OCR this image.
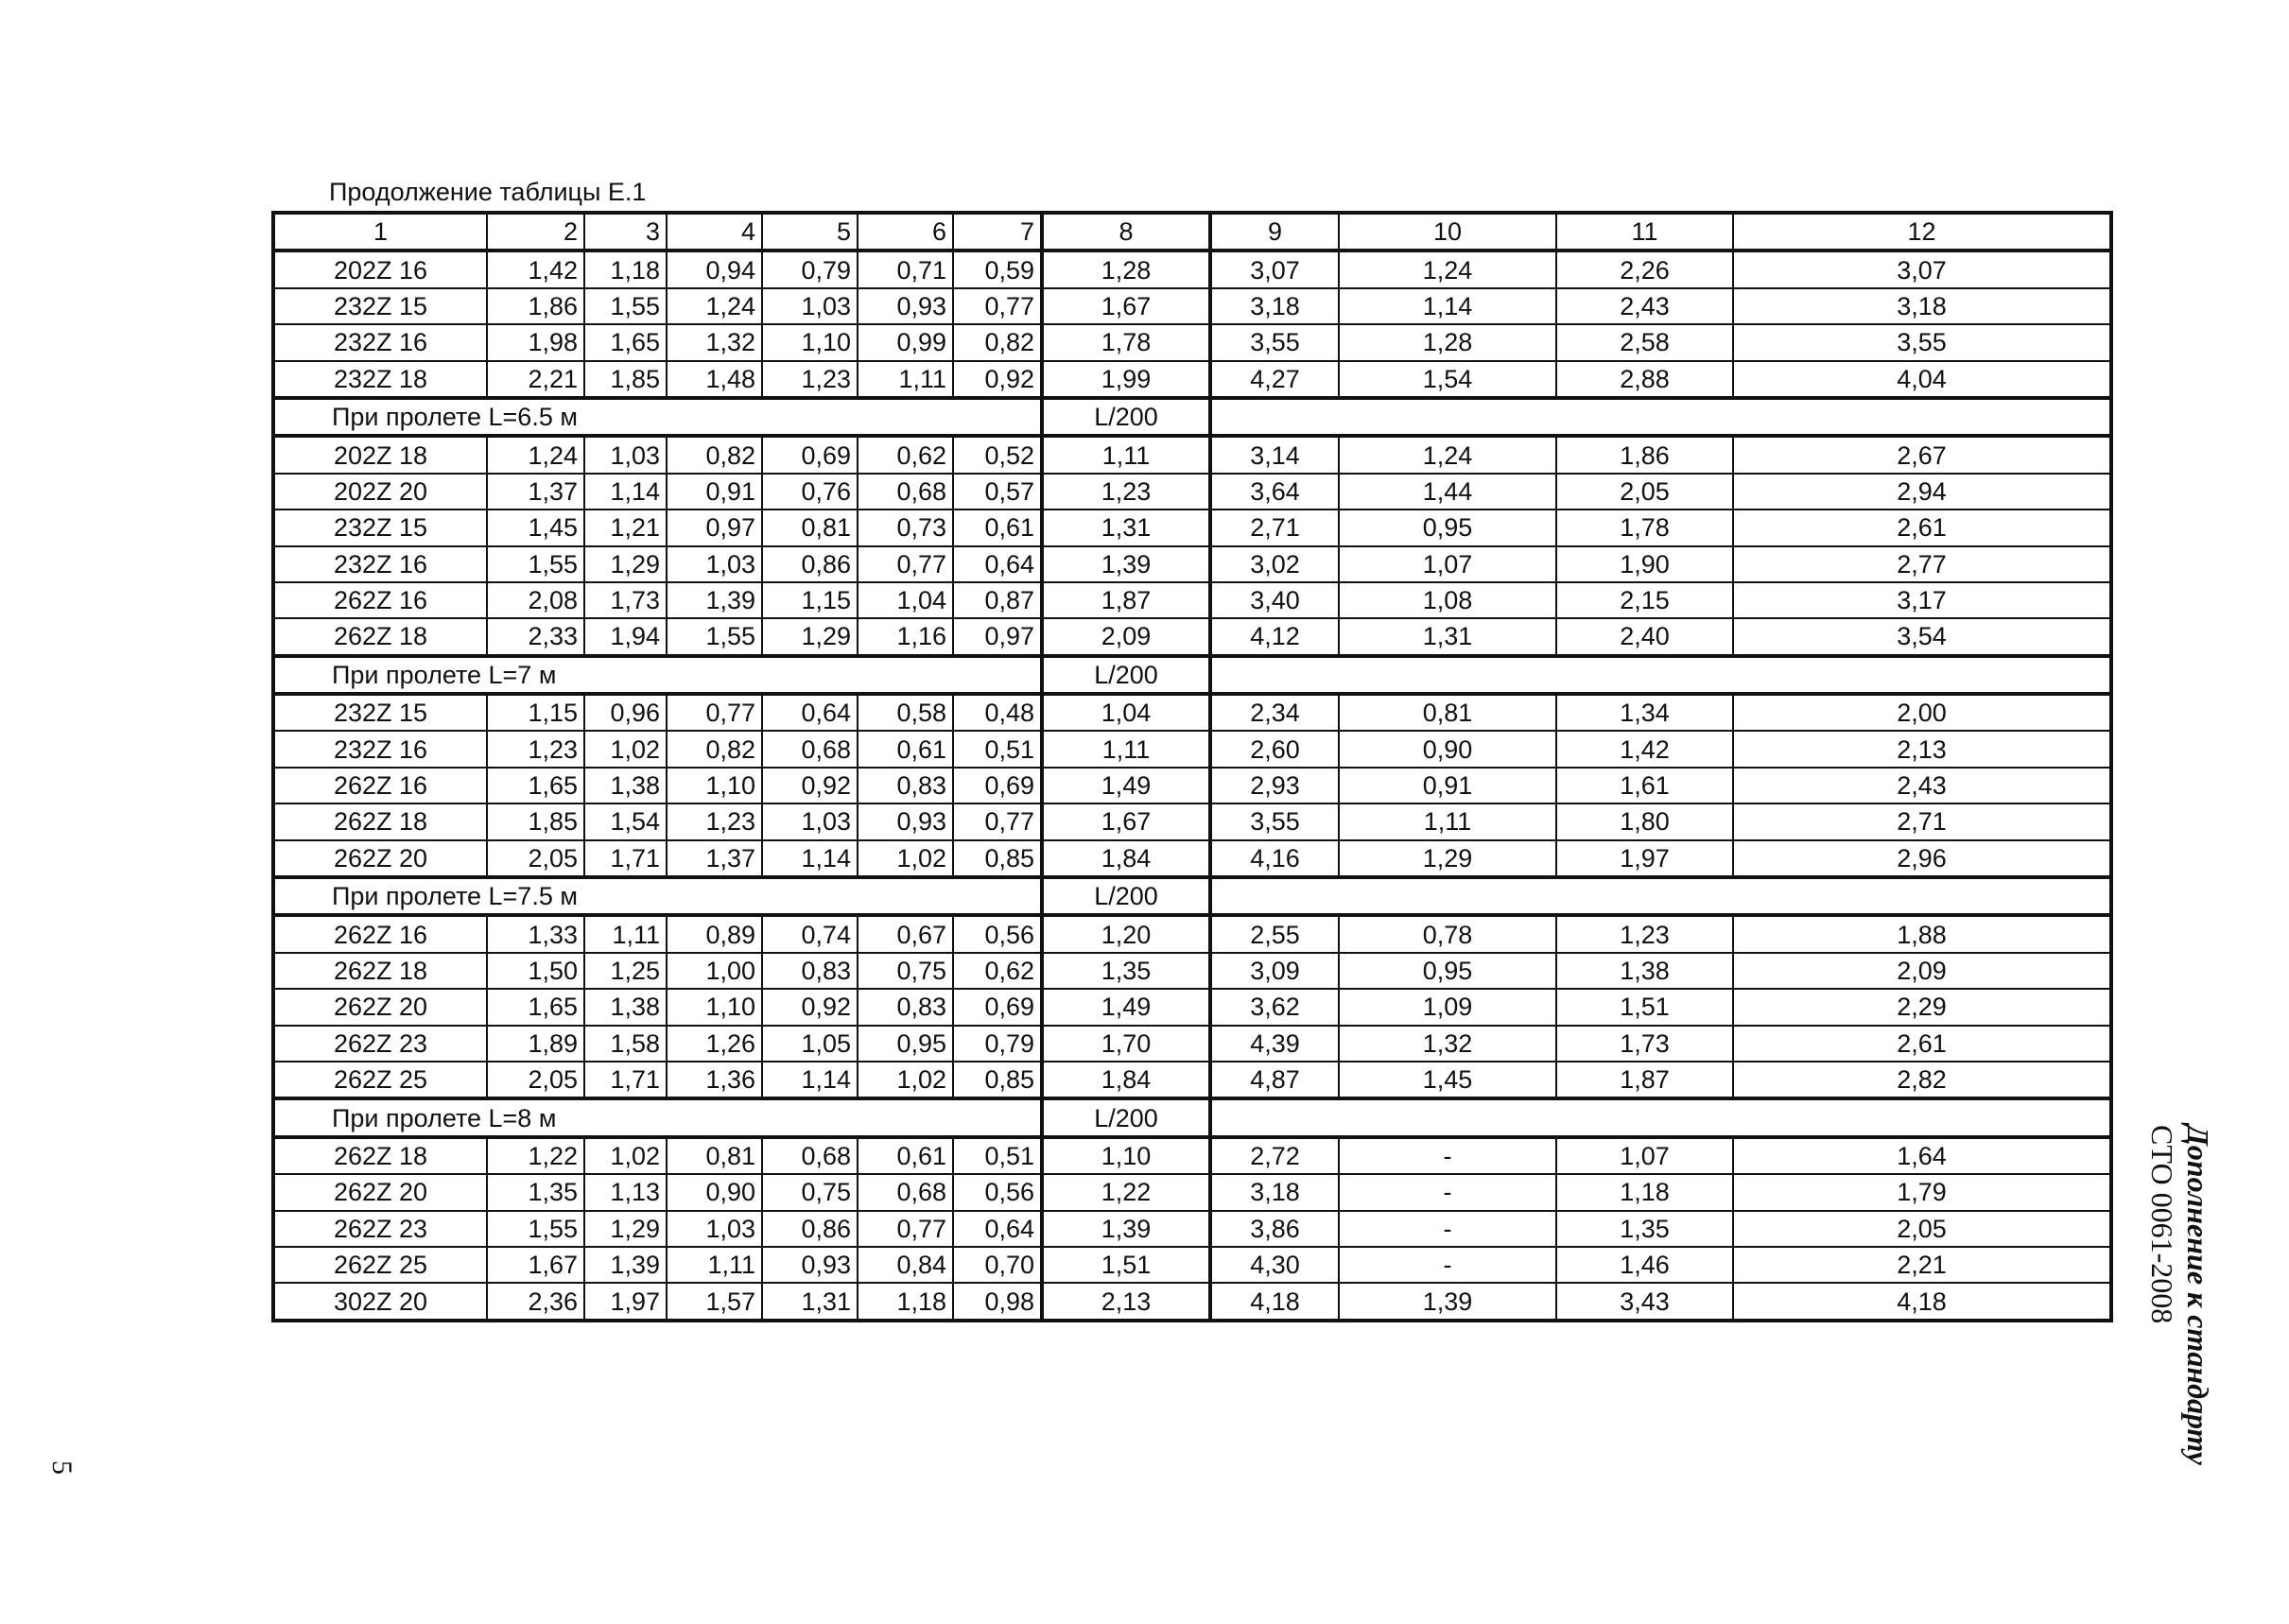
Продолжение таблицы Е.1
1	2	3	4	5	6	7	8	9	10	11	12
202Z 16	1,42	1,18	0,94	0,79	0,71	0,59	1,28	3,07	1,24	2,26	3,07
232Z 15	1,86	1,55	1,24	1,03	0,93	0,77	1,67	3,18	1,14	2,43	3,18
232Z 16	1,98	1,65	1,32	1,10	0,99	0,82	1,78	3,55	1,28	2,58	3,55
232Z 18	2,21	1,85	1,48	1,23	1,11	0,92	1,99	4,27	1,54	2,88	4,04
При пролете L=6.5 м							L/200				
202Z 18	1,24	1,03	0,82	0,69	0,62	0,52	1,11	3,14	1,24	1,86	2,67
202Z 20	1,37	1,14	0,91	0,76	0,68	0,57	1,23	3,64	1,44	2,05	2,94
232Z 15	1,45	1,21	0,97	0,81	0,73	0,61	1,31	2,71	0,95	1,78	2,61
232Z 16	1,55	1,29	1,03	0,86	0,77	0,64	1,39	3,02	1,07	1,90	2,77
262Z 16	2,08	1,73	1,39	1,15	1,04	0,87	1,87	3,40	1,08	2,15	3,17
262Z 18	2,33	1,94	1,55	1,29	1,16	0,97	2,09	4,12	1,31	2,40	3,54
При пролете L=7 м							L/200				
232Z 15	1,15	0,96	0,77	0,64	0,58	0,48	1,04	2,34	0,81	1,34	2,00
232Z 16	1,23	1,02	0,82	0,68	0,61	0,51	1,11	2,60	0,90	1,42	2,13
262Z 16	1,65	1,38	1,10	0,92	0,83	0,69	1,49	2,93	0,91	1,61	2,43
262Z 18	1,85	1,54	1,23	1,03	0,93	0,77	1,67	3,55	1,11	1,80	2,71
262Z 20	2,05	1,71	1,37	1,14	1,02	0,85	1,84	4,16	1,29	1,97	2,96
При пролете L=7.5 м							L/200				
262Z 16	1,33	1,11	0,89	0,74	0,67	0,56	1,20	2,55	0,78	1,23	1,88
262Z 18	1,50	1,25	1,00	0,83	0,75	0,62	1,35	3,09	0,95	1,38	2,09
262Z 20	1,65	1,38	1,10	0,92	0,83	0,69	1,49	3,62	1,09	1,51	2,29
262Z 23	1,89	1,58	1,26	1,05	0,95	0,79	1,70	4,39	1,32	1,73	2,61
262Z 25	2,05	1,71	1,36	1,14	1,02	0,85	1,84	4,87	1,45	1,87	2,82
При пролете L=8 м							L/200				
262Z 18	1,22	1,02	0,81	0,68	0,61	0,51	1,10	2,72	-	1,07	1,64
262Z 20	1,35	1,13	0,90	0,75	0,68	0,56	1,22	3,18	-	1,18	1,79
262Z 23	1,55	1,29	1,03	0,86	0,77	0,64	1,39	3,86	-	1,35	2,05
262Z 25	1,67	1,39	1,11	0,93	0,84	0,70	1,51	4,30	-	1,46	2,21
302Z 20	2,36	1,97	1,57	1,31	1,18	0,98	2,13	4,18	1,39	3,43	4,18	Дополнение к стандарту
СТО 0061-2008
5
